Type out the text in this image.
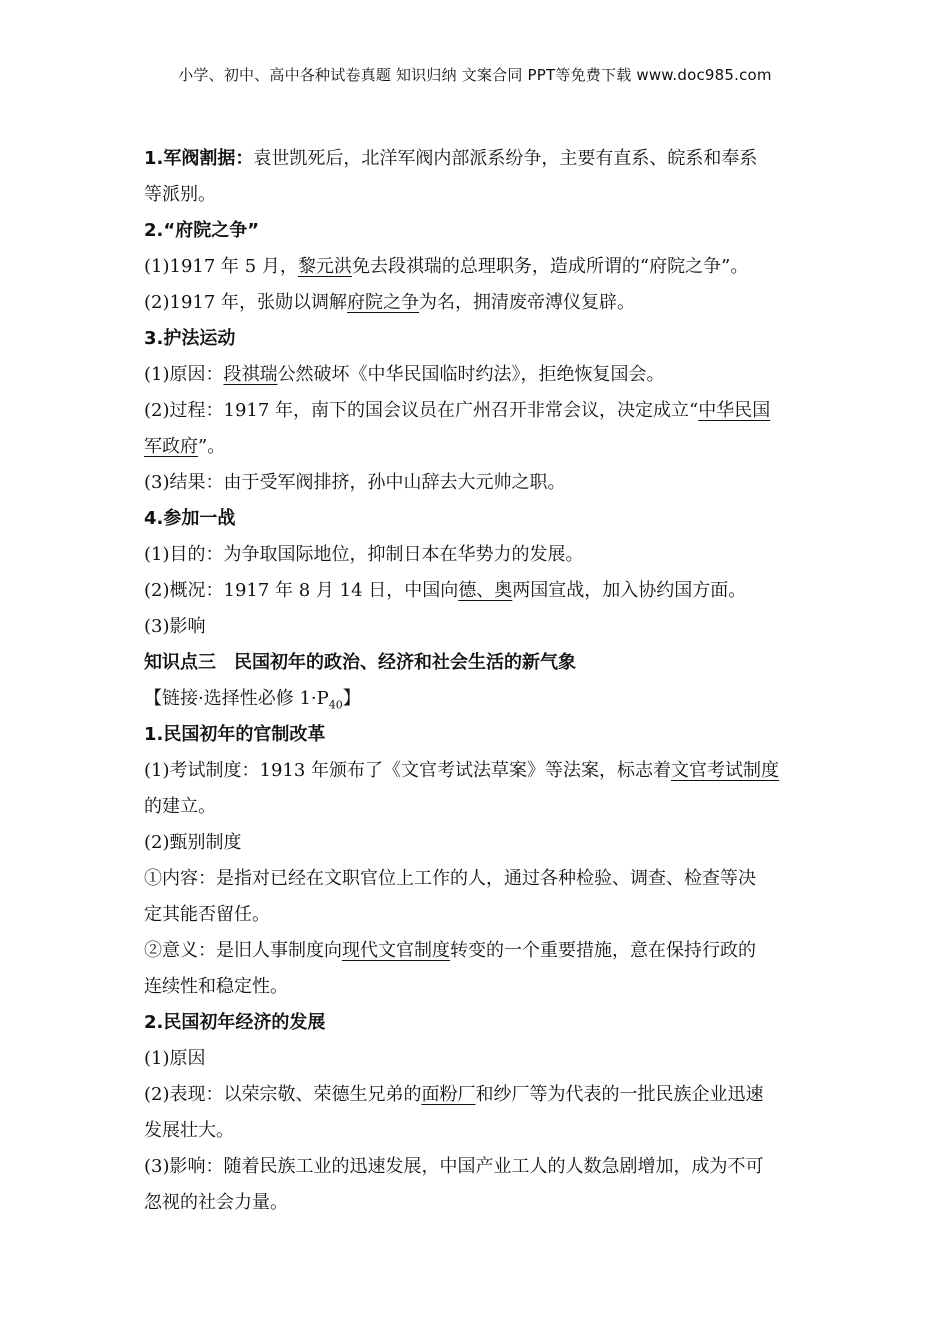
小学、初中、高中各种试卷真题 知识归纳 文案合同 PPT等免费下载 www.doc985.com
1.军阀割据：袁世凯死后，北洋军阀内部派系纷争，主要有直系、皖系和奉系
等派别。
2.“府院之争”
(1)1917 年 5 月，黎元洪免去段祺瑞的总理职务，造成所谓的“府院之争”。
(2)1917 年，张勋以调解府院之争为名，拥清废帝溥仪复辟。
3.护法运动
(1)原因：段祺瑞公然破坏《中华民国临时约法》，拒绝恢复国会。
(2)过程：1917 年，南下的国会议员在广州召开非常会议，决定成立“中华民国
军政府”。
(3)结果：由于受军阀排挤，孙中山辞去大元帅之职。
4.参加一战
(1)目的：为争取国际地位，抑制日本在华势力的发展。
(2)概况：1917 年 8 月 14 日，中国向德、奥两国宣战，加入协约国方面。
(3)影响
知识点三　民国初年的政治、经济和社会生活的新气象
【链接·选择性必修 $1\cdot P_{40}$】
1.民国初年的官制改革
(1)考试制度：1913 年颁布了《文官考试法草案》等法案，标志着文官考试制度
的建立。
(2)甄别制度
①内容：是指对已经在文职官位上工作的人，通过各种检验、调查、检查等决
定其能否留任。
②意义：是旧人事制度向现代文官制度转变的一个重要措施，意在保持行政的
连续性和稳定性。
2.民国初年经济的发展
(1)原因
(2)表现：以荣宗敬、荣德生兄弟的面粉厂和纱厂等为代表的一批民族企业迅速
发展壮大。
(3)影响：随着民族工业的迅速发展，中国产业工人的人数急剧增加，成为不可
忽视的社会力量。
